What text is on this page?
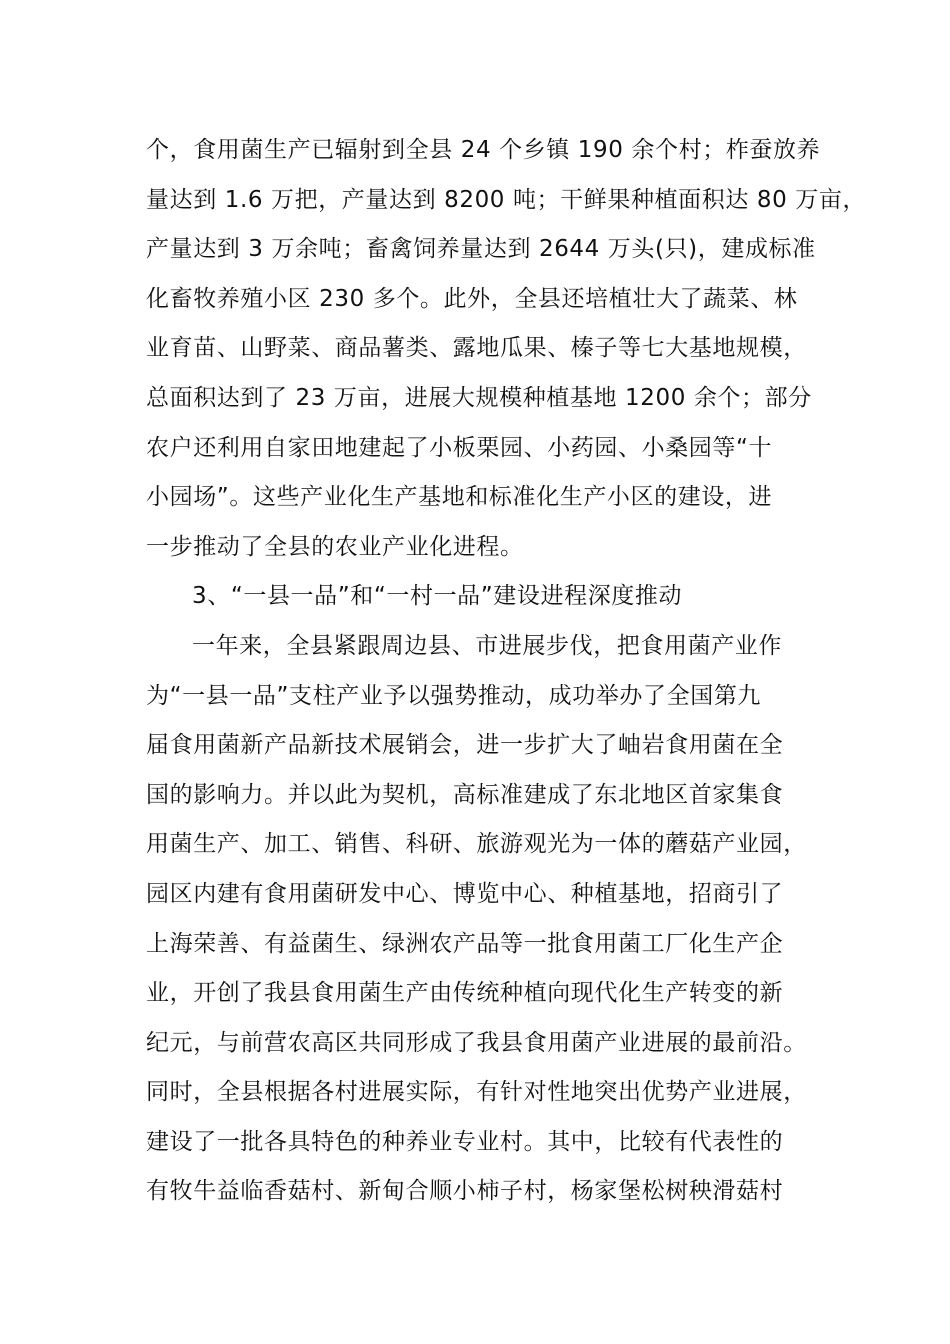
个，食用菌生产已辐射到全县 24 个乡镇 190 余个村；柞蚕放养
量达到 1.6 万把，产量达到 8200 吨；干鲜果种植面积达 80 万亩，
产量达到 3 万余吨；畜禽饲养量达到 2644 万头(只)，建成标准
化畜牧养殖小区 230 多个。此外，全县还培植壮大了蔬菜、林
业育苗、山野菜、商品薯类、露地瓜果、榛子等七大基地规模，
总面积达到了 23 万亩，进展大规模种植基地 1200 余个；部分
农户还利用自家田地建起了小板栗园、小药园、小桑园等“十
小园场”。这些产业化生产基地和标准化生产小区的建设，进
一步推动了全县的农业产业化进程。
3、“一县一品”和“一村一品”建设进程深度推动
一年来，全县紧跟周边县、市进展步伐，把食用菌产业作
为“一县一品”支柱产业予以强势推动，成功举办了全国第九
届食用菌新产品新技术展销会，进一步扩大了岫岩食用菌在全
国的影响力。并以此为契机，高标准建成了东北地区首家集食
用菌生产、加工、销售、科研、旅游观光为一体的蘑菇产业园，
园区内建有食用菌研发中心、博览中心、种植基地，招商引了
上海荣善、有益菌生、绿洲农产品等一批食用菌工厂化生产企
业，开创了我县食用菌生产由传统种植向现代化生产转变的新
纪元，与前营农高区共同形成了我县食用菌产业进展的最前沿。
同时，全县根据各村进展实际，有针对性地突出优势产业进展，
建设了一批各具特色的种养业专业村。其中，比较有代表性的
有牧牛益临香菇村、新甸合顺小柿子村，杨家堡松树秧滑菇村
